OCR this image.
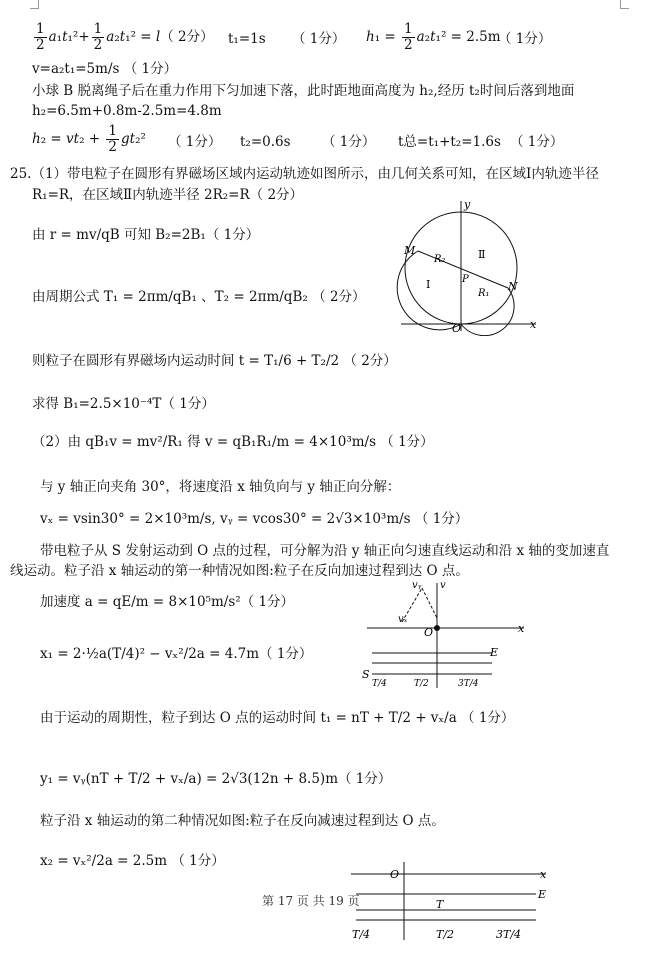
$\frac{1}{2} a_1t_1^2+ \frac{1}{2} a_2t_1^2 = l$（ 2分） t₁=1s （ 1分） $h_1 = \frac{1}{2} a_2t_1^2 = 2.5m$
（ 1分）
v=a₂t₁=5m/s （ 1分）
小球 B 脱离绳子后在重力作用下匀加速下落，此时距地面高度为 h₂,经历 t₂时间后落到地面
h₂=6.5m+0.8m-2.5m=4.8m
$h_2 = vt_2 + \frac{1}{2} gt_2^2$ （ 1分） t₂=0.6s （ 1分） t总=t₁+t₂=1.6s （ 1分）
25.（1）带电粒子在圆形有界磁场区域内运动轨迹如图所示，由几何关系可知，在区域Ⅰ内轨迹半径
R₁=R，在区域Ⅱ内轨迹半径 2R₂=R（ 2分）
由 r = mv/qB 可知 B₂=2B₁（ 1分）
由周期公式 T₁ = 2πm/qB₁ 、T₂ = 2πm/qB₂ （ 2分）
则粒子在圆形有界磁场内运动时间 t = T₁/6 + T₂/2 （ 2分）
求得 B₁=2.5×10⁻⁴T（ 1分）
（2）由 qB₁v = mv²/R₁ 得 v = qB₁R₁/m = 4×10³m/s （ 1分）
与 y 轴正向夹角 30°，将速度沿 x 轴负向与 y 轴正向分解：
vₓ = vsin30° = 2×10³m/s, vᵧ = vcos30° = 2√3×10³m/s （ 1分）
带电粒子从 S 发射运动到 O 点的过程，可分解为沿 y 轴正向匀速直线运动和沿 x 轴的变加速直
线运动。粒子沿 x 轴运动的第一种情况如图:粒子在反向加速过程到达 O 点。
加速度 a = qE/m = 8×10⁵m/s²（ 1分）
x₁ = 2·½a(T/4)² − vₓ²/2a = 4.7m（ 1分）
由于运动的周期性，粒子到达 O 点的运动时间 t₁ = nT + T/2 + vₓ/a （ 1分）
y₁ = vᵧ(nT + T/2 + vₓ/a) = 2√3(12n + 8.5)m（ 1分）
粒子沿 x 轴运动的第二种情况如图:粒子在反向减速过程到达 O 点。
x₂ = vₓ²/2a = 2.5m （ 1分）
第 17 页 共 19 页
x
y
O
M
N
P
R₁
R₂
Ⅰ
Ⅱ
x
O
E
S
vₓ
vᵧ v
T/4	T/2	3T/4
x
O
E
T
T/4	T/2	3T/4
